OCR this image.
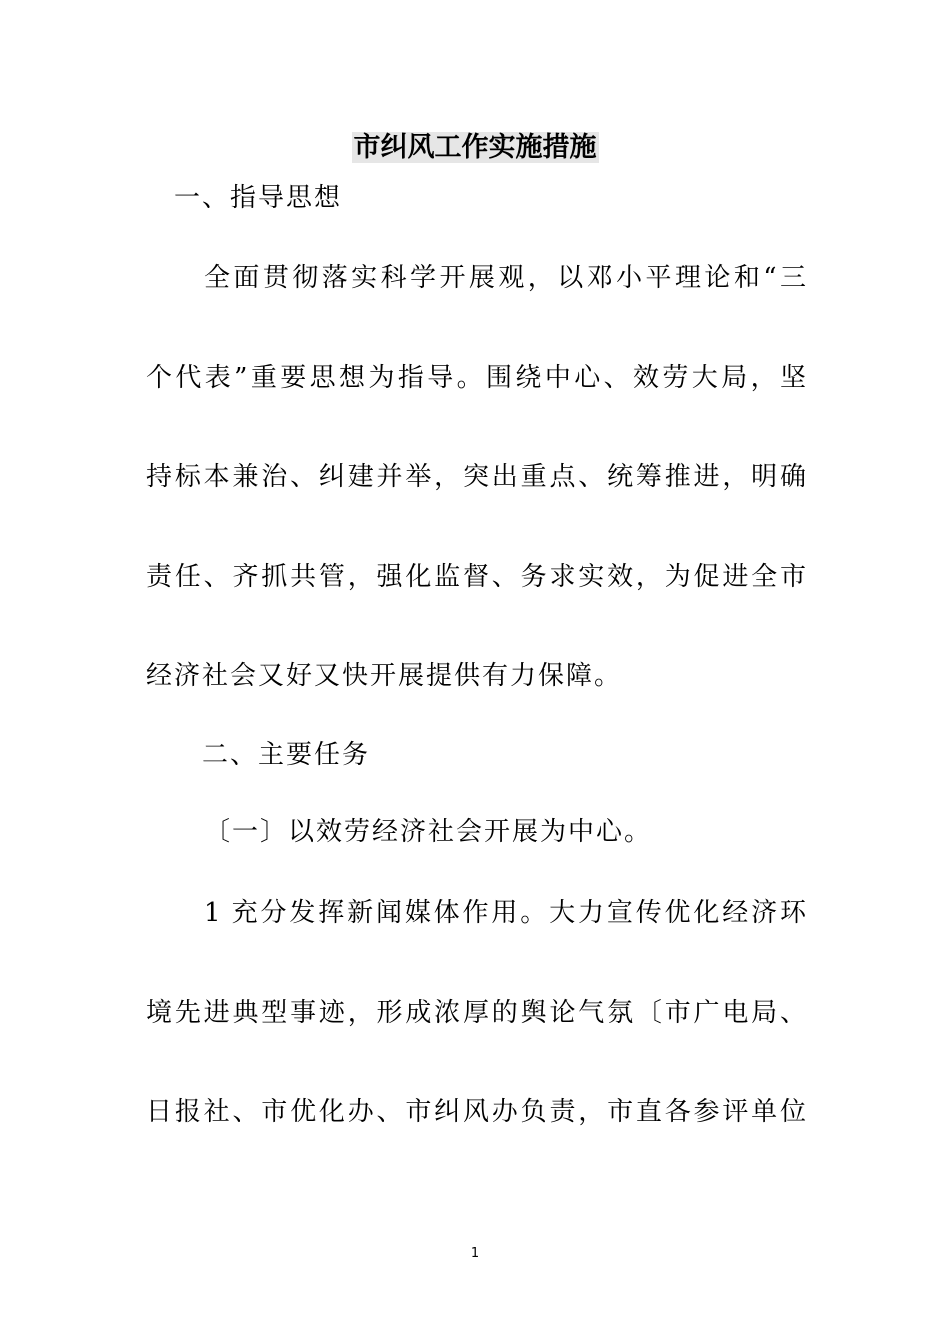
市纠风工作实施措施
一、指导思想
全面贯彻落实科学开展观，以邓小平理论和“三
个代表”重要思想为指导。围绕中心、效劳大局，坚
持标本兼治、纠建并举，突出重点、统筹推进，明确
责任、齐抓共管，强化监督、务求实效，为促进全市
经济社会又好又快开展提供有力保障。
二、主要任务
〔一〕以效劳经济社会开展为中心。
1 充分发挥新闻媒体作用。大力宣传优化经济环
境先进典型事迹，形成浓厚的舆论气氛〔市广电局、
日报社、市优化办、市纠风办负责，市直各参评单位
1
